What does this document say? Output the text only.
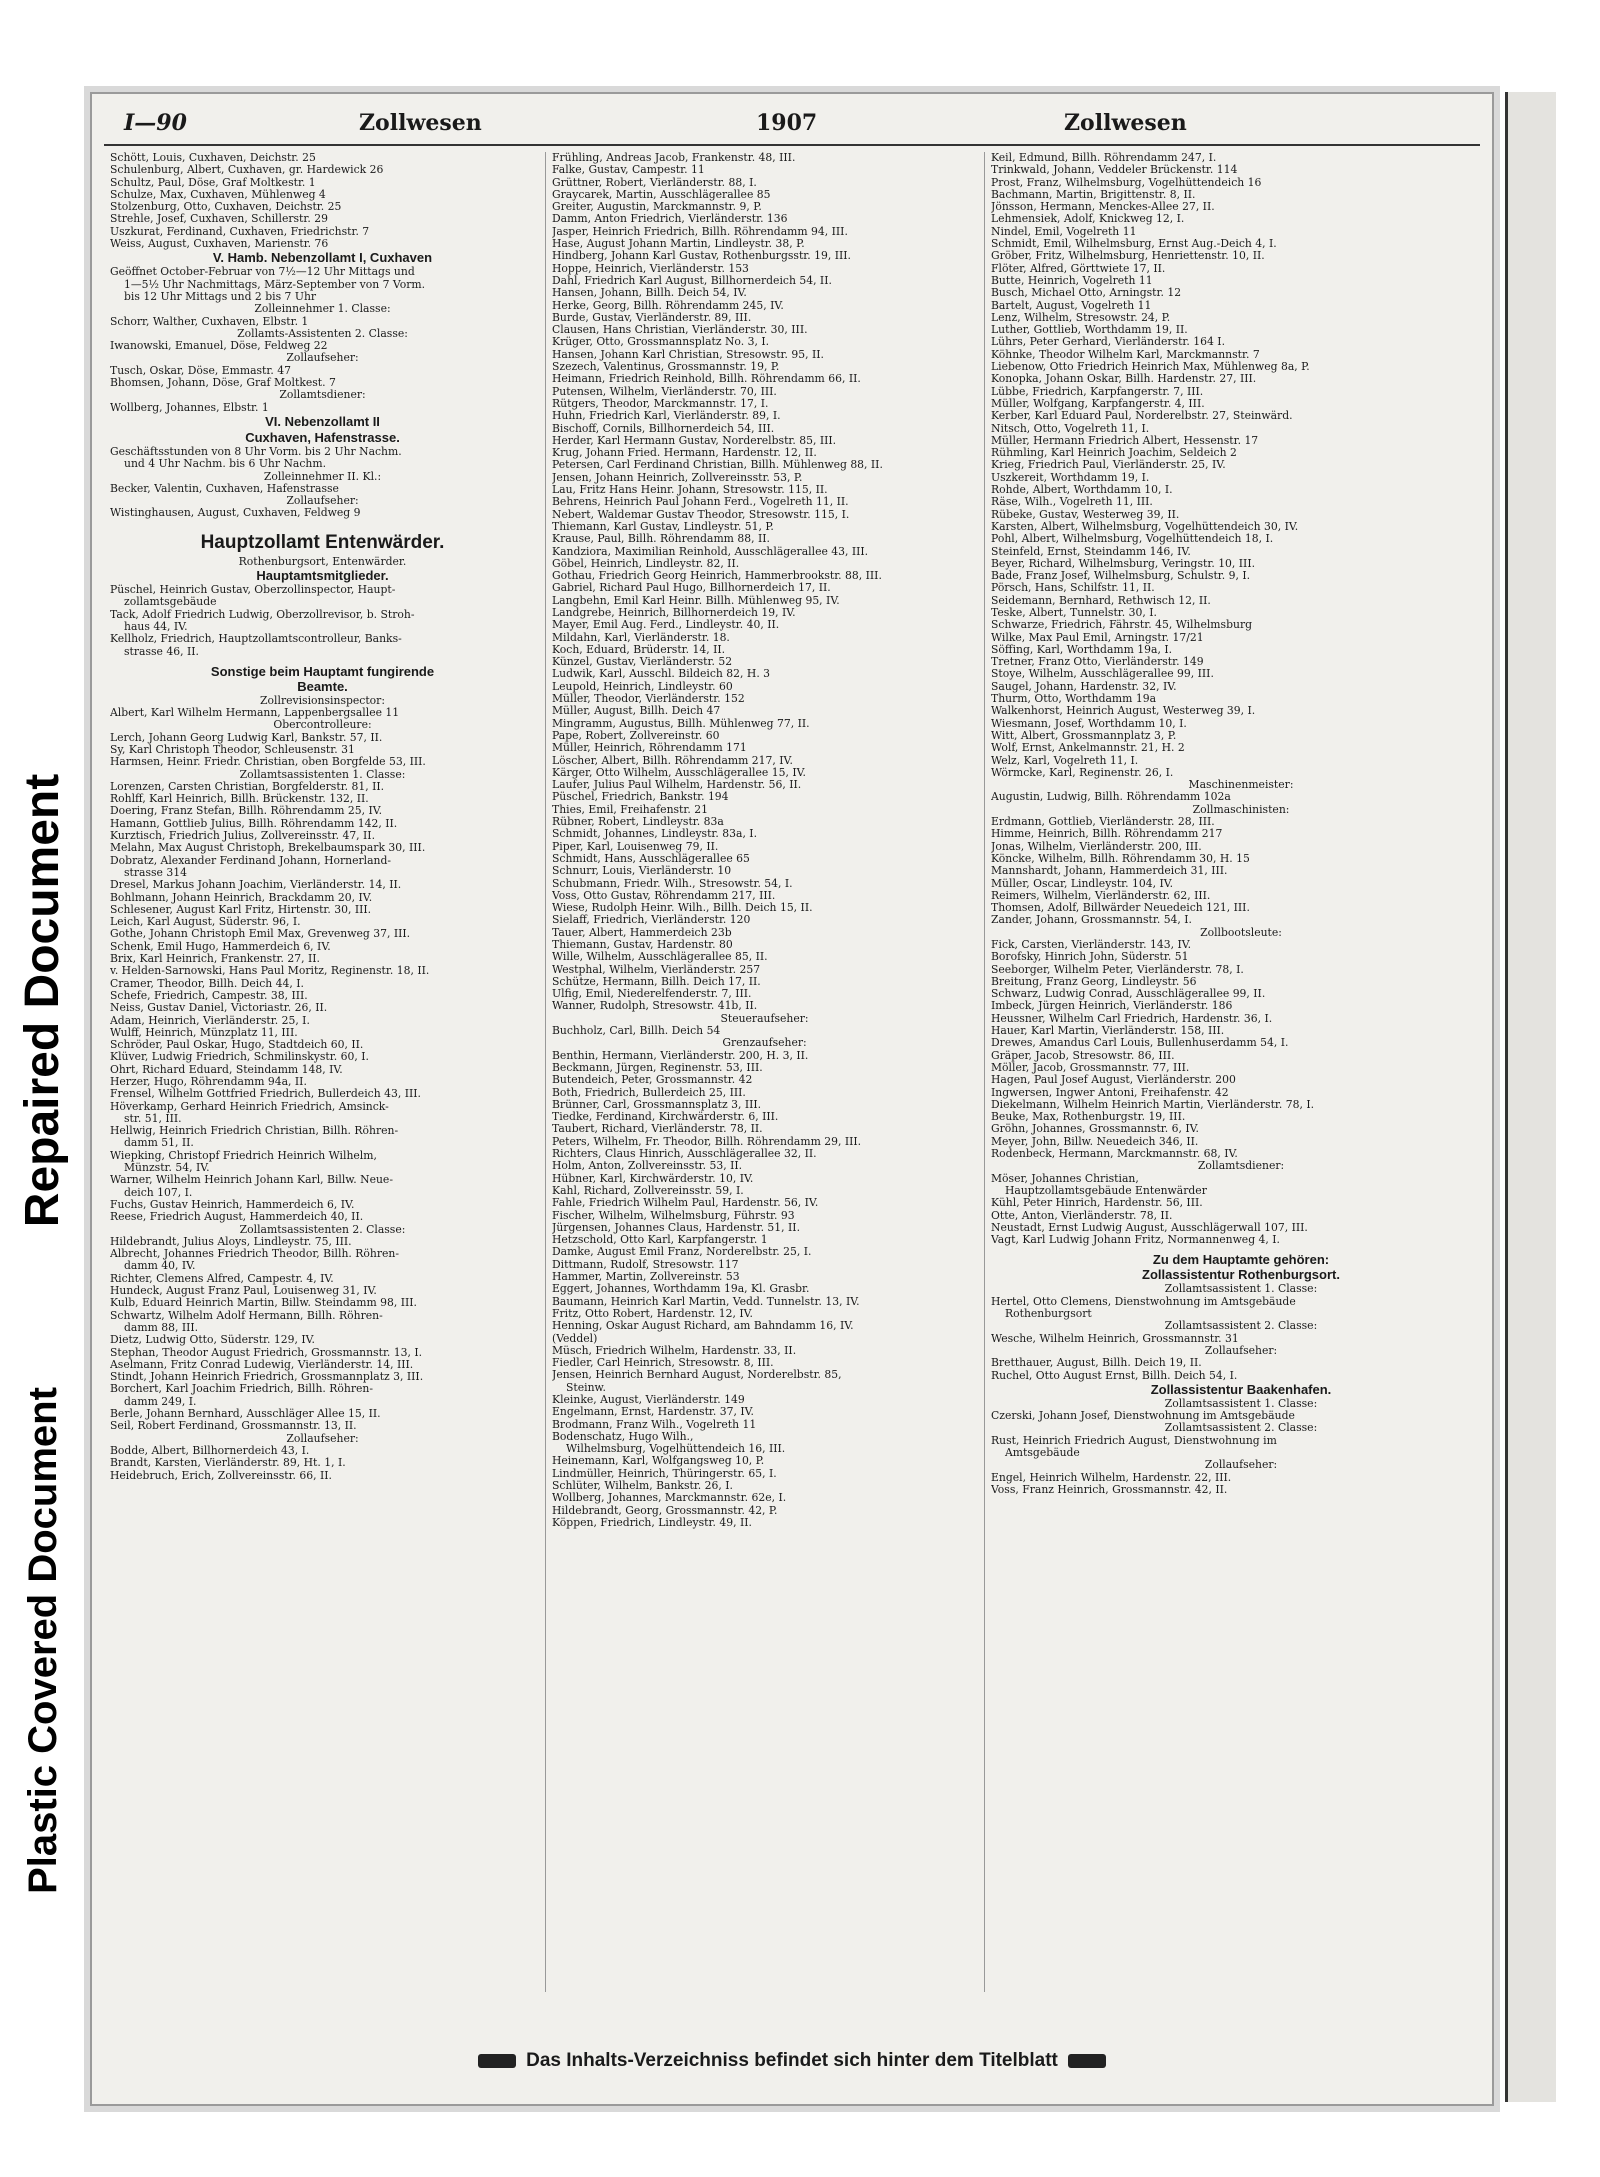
Repaired Document
Plastic Covered Document
I—90	Zollwesen	1907	Zollwesen
Schött, Louis, Cuxhaven, Deichstr. 25
Schulenburg, Albert, Cuxhaven, gr. Hardewick 26
Schultz, Paul, Döse, Graf Moltkestr. 1
Schulze, Max, Cuxhaven, Mühlenweg 4
Stolzenburg, Otto, Cuxhaven, Deichstr. 25
Strehle, Josef, Cuxhaven, Schillerstr. 29
Uszkurat, Ferdinand, Cuxhaven, Friedrichstr. 7
Weiss, August, Cuxhaven, Marienstr. 76
V. Hamb. Nebenzollamt I, Cuxhaven
Geöffnet October-Februar von 7½—12 Uhr Mittags und
1—5½ Uhr Nachmittags, März-September von 7 Vorm.
bis 12 Uhr Mittags und 2 bis 7 Uhr
Zolleinnehmer 1. Classe:
Schorr, Walther, Cuxhaven, Elbstr. 1
Zollamts-Assistenten 2. Classe:
Iwanowski, Emanuel, Döse, Feldweg 22
Zollaufseher:
Tusch, Oskar, Döse, Emmastr. 47
Bhomsen, Johann, Döse, Graf Moltkest. 7
Zollamtsdiener:
Wollberg, Johannes, Elbstr. 1
VI. Nebenzollamt II
Cuxhaven, Hafenstrasse.
Geschäftsstunden von 8 Uhr Vorm. bis 2 Uhr Nachm.
und 4 Uhr Nachm. bis 6 Uhr Nachm.
Zolleinnehmer II. Kl.:
Becker, Valentin, Cuxhaven, Hafenstrasse
Zollaufseher:
Wistinghausen, August, Cuxhaven, Feldweg 9
Hauptzollamt Entenwärder.
Rothenburgsort, Entenwärder.
Hauptamtsmitglieder.
Püschel, Heinrich Gustav, Oberzollinspector, Haupt-
zollamtsgebäude
Tack, Adolf Friedrich Ludwig, Oberzollrevisor, b. Stroh-
haus 44, IV.
Kellholz, Friedrich, Hauptzollamtscontrolleur, Banks-
strasse 46, II.
Sonstige beim Hauptamt fungirende
Beamte.
Zollrevisionsinspector:
Albert, Karl Wilhelm Hermann, Lappenbergsallee 11
Obercontrolleure:
Lerch, Johann Georg Ludwig Karl, Bankstr. 57, II.
Sy, Karl Christoph Theodor, Schleusenstr. 31
Harmsen, Heinr. Friedr. Christian, oben Borgfelde 53, III.
Zollamtsassistenten 1. Classe:
Lorenzen, Carsten Christian, Borgfelderstr. 81, II.
Rohlff, Karl Heinrich, Billh. Brückenstr. 132, II.
Doering, Franz Stefan, Billh. Röhrendamm 25, IV.
Hamann, Gottlieb Julius, Billh. Röhrendamm 142, II.
Kurztisch, Friedrich Julius, Zollvereinsstr. 47, II.
Melahn, Max August Christoph, Brekelbaumspark 30, III.
Dobratz, Alexander Ferdinand Johann, Hornerland-
strasse 314
Dresel, Markus Johann Joachim, Vierländerstr. 14, II.
Bohlmann, Johann Heinrich, Brackdamm 20, IV.
Schlesener, August Karl Fritz, Hirtenstr. 30, III.
Leich, Karl August, Süderstr. 96, I.
Gothe, Johann Christoph Emil Max, Grevenweg 37, III.
Schenk, Emil Hugo, Hammerdeich 6, IV.
Brix, Karl Heinrich, Frankenstr. 27, II.
v. Helden-Sarnowski, Hans Paul Moritz, Reginenstr. 18, II.
Cramer, Theodor, Billh. Deich 44, I.
Schefe, Friedrich, Campestr. 38, III.
Neiss, Gustav Daniel, Victoriastr. 26, II.
Adam, Heinrich, Vierländerstr. 25, I.
Wulff, Heinrich, Münzplatz 11, III.
Schröder, Paul Oskar, Hugo, Stadtdeich 60, II.
Klüver, Ludwig Friedrich, Schmilinskystr. 60, I.
Ohrt, Richard Eduard, Steindamm 148, IV.
Herzer, Hugo, Röhrendamm 94a, II.
Frensel, Wilhelm Gottfried Friedrich, Bullerdeich 43, III.
Höverkamp, Gerhard Heinrich Friedrich, Amsinck-
str. 51, III.
Hellwig, Heinrich Friedrich Christian, Billh. Röhren-
damm 51, II.
Wiepking, Christopf Friedrich Heinrich Wilhelm,
Münzstr. 54, IV.
Warner, Wilhelm Heinrich Johann Karl, Billw. Neue-
deich 107, I.
Fuchs, Gustav Heinrich, Hammerdeich 6, IV.
Reese, Friedrich August, Hammerdeich 40, II.
Zollamtsassistenten 2. Classe:
Hildebrandt, Julius Aloys, Lindleystr. 75, III.
Albrecht, Johannes Friedrich Theodor, Billh. Röhren-
damm 40, IV.
Richter, Clemens Alfred, Campestr. 4, IV.
Hundeck, August Franz Paul, Louisenweg 31, IV.
Kulb, Eduard Heinrich Martin, Billw. Steindamm 98, III.
Schwartz, Wilhelm Adolf Hermann, Billh. Röhren-
damm 88, III.
Dietz, Ludwig Otto, Süderstr. 129, IV.
Stephan, Theodor August Friedrich, Grossmannstr. 13, I.
Aselmann, Fritz Conrad Ludewig, Vierländerstr. 14, III.
Stindt, Johann Heinrich Friedrich, Grossmannplatz 3, III.
Borchert, Karl Joachim Friedrich, Billh. Röhren-
damm 249, I.
Berle, Johann Bernhard, Ausschläger Allee 15, II.
Seil, Robert Ferdinand, Grossmannstr. 13, II.
Zollaufseher:
Bodde, Albert, Billhornerdeich 43, I.
Brandt, Karsten, Vierländerstr. 89, Ht. 1, I.
Heidebruch, Erich, Zollvereinsstr. 66, II.
Frühling, Andreas Jacob, Frankenstr. 48, III.
Falke, Gustav, Campestr. 11
Grüttner, Robert, Vierländerstr. 88, I.
Graycarek, Martin, Ausschlägerallee 85
Greiter, Augustin, Marckmannstr. 9, P.
Damm, Anton Friedrich, Vierländerstr. 136
Jasper, Heinrich Friedrich, Billh. Röhrendamm 94, III.
Hase, August Johann Martin, Lindleystr. 38, P.
Hindberg, Johann Karl Gustav, Rothenburgsstr. 19, III.
Hoppe, Heinrich, Vierländerstr. 153
Dahl, Friedrich Karl August, Billhornerdeich 54, II.
Hansen, Johann, Billh. Deich 54, IV.
Herke, Georg, Billh. Röhrendamm 245, IV.
Burde, Gustav, Vierländerstr. 89, III.
Clausen, Hans Christian, Vierländerstr. 30, III.
Krüger, Otto, Grossmannsplatz No. 3, I.
Hansen, Johann Karl Christian, Stresowstr. 95, II.
Szezech, Valentinus, Grossmannstr. 19, P.
Heimann, Friedrich Reinhold, Billh. Röhrendamm 66, II.
Putensen, Wilhelm, Vierländerstr. 70, III.
Rütgers, Theodor, Marckmannstr. 17, I.
Huhn, Friedrich Karl, Vierländerstr. 89, I.
Bischoff, Cornils, Billhornerdeich 54, III.
Herder, Karl Hermann Gustav, Norderelbstr. 85, III.
Krug, Johann Fried. Hermann, Hardenstr. 12, II.
Petersen, Carl Ferdinand Christian, Billh. Mühlenweg 88, II.
Jensen, Johann Heinrich, Zollvereinsstr. 53, P.
Lau, Fritz Hans Heinr. Johann, Stresowstr. 115, II.
Behrens, Heinrich Paul Johann Ferd., Vogelreth 11, II.
Nebert, Waldemar Gustav Theodor, Stresowstr. 115, I.
Thiemann, Karl Gustav, Lindleystr. 51, P.
Krause, Paul, Billh. Röhrendamm 88, II.
Kandziora, Maximilian Reinhold, Ausschlägerallee 43, III.
Göbel, Heinrich, Lindleystr. 82, II.
Gothau, Friedrich Georg Heinrich, Hammerbrookstr. 88, III.
Gabriel, Richard Paul Hugo, Billhornerdeich 17, II.
Langbehn, Emil Karl Heinr. Billh. Mühlenweg 95, IV.
Landgrebe, Heinrich, Billhornerdeich 19, IV.
Mayer, Emil Aug. Ferd., Lindleystr. 40, II.
Mildahn, Karl, Vierländerstr. 18.
Koch, Eduard, Brüderstr. 14, II.
Künzel, Gustav, Vierländerstr. 52
Ludwik, Karl, Ausschl. Bildeich 82, H. 3
Leupold, Heinrich, Lindleystr. 60
Müller, Theodor, Vierländerstr. 152
Müller, August, Billh. Deich 47
Mingramm, Augustus, Billh. Mühlenweg 77, II.
Pape, Robert, Zollvereinstr. 60
Müller, Heinrich, Röhrendamm 171
Löscher, Albert, Billh. Röhrendamm 217, IV.
Kärger, Otto Wilhelm, Ausschlägerallee 15, IV.
Laufer, Julius Paul Wilhelm, Hardenstr. 56, II.
Püschel, Friedrich, Bankstr. 194
Thies, Emil, Freihafenstr. 21
Rübner, Robert, Lindleystr. 83a
Schmidt, Johannes, Lindleystr. 83a, I.
Piper, Karl, Louisenweg 79, II.
Schmidt, Hans, Ausschlägerallee 65
Schnurr, Louis, Vierländerstr. 10
Schubmann, Friedr. Wilh., Stresowstr. 54, I.
Voss, Otto Gustav, Röhrendamm 217, III.
Wiese, Rudolph Heinr. Wilh., Billh. Deich 15, II.
Sielaff, Friedrich, Vierländerstr. 120
Tauer, Albert, Hammerdeich 23b
Thiemann, Gustav, Hardenstr. 80
Wille, Wilhelm, Ausschlägerallee 85, II.
Westphal, Wilhelm, Vierländerstr. 257
Schütze, Hermann, Billh. Deich 17, II.
Ulfig, Emil, Niederelfenderstr. 7, III.
Wanner, Rudolph, Stresowstr. 41b, II.
Steueraufseher:
Buchholz, Carl, Billh. Deich 54
Grenzaufseher:
Benthin, Hermann, Vierländerstr. 200, H. 3, II.
Beckmann, Jürgen, Reginenstr. 53, III.
Butendeich, Peter, Grossmannstr. 42
Both, Friedrich, Bullerdeich 25, III.
Brünner, Carl, Grossmannsplatz 3, III.
Tiedke, Ferdinand, Kirchwärderstr. 6, III.
Taubert, Richard, Vierländerstr. 78, II.
Peters, Wilhelm, Fr. Theodor, Billh. Röhrendamm 29, III.
Richters, Claus Hinrich, Ausschlägerallee 32, II.
Holm, Anton, Zollvereinsstr. 53, II.
Hübner, Karl, Kirchwärderstr. 10, IV.
Kahl, Richard, Zollvereinsstr. 59, I.
Fahle, Friedrich Wilhelm Paul, Hardenstr. 56, IV.
Fischer, Wilhelm, Wilhelmsburg, Führstr. 93
Jürgensen, Johannes Claus, Hardenstr. 51, II.
Hetzschold, Otto Karl, Karpfangerstr. 1
Damke, August Emil Franz, Norderelbstr. 25, I.
Dittmann, Rudolf, Stresowstr. 117
Hammer, Martin, Zollvereinstr. 53
Eggert, Johannes, Worthdamm 19a, Kl. Grasbr.
Baumann, Heinrich Karl Martin, Vedd. Tunnelstr. 13, IV.
Fritz, Otto Robert, Hardenstr. 12, IV.
Henning, Oskar August Richard, am Bahndamm 16, IV.
(Veddel)
Müsch, Friedrich Wilhelm, Hardenstr. 33, II.
Fiedler, Carl Heinrich, Stresowstr. 8, III.
Jensen, Heinrich Bernhard August, Norderelbstr. 85,
Steinw.
Kleinke, August, Vierländerstr. 149
Engelmann, Ernst, Hardenstr. 37, IV.
Brodmann, Franz Wilh., Vogelreth 11
Bodenschatz, Hugo Wilh.,
Wilhelmsburg, Vogelhüttendeich 16, III.
Heinemann, Karl, Wolfgangsweg 10, P.
Lindmüller, Heinrich, Thüringerstr. 65, I.
Schlüter, Wilhelm, Bankstr. 26, I.
Wollberg, Johannes, Marckmannstr. 62e, I.
Hildebrandt, Georg, Grossmannstr. 42, P.
Köppen, Friedrich, Lindleystr. 49, II.
Keil, Edmund, Billh. Röhrendamm 247, I.
Trinkwald, Johann, Veddeler Brückenstr. 114
Prost, Franz, Wilhelmsburg, Vogelhüttendeich 16
Bachmann, Martin, Brigittenstr. 8, II.
Jönsson, Hermann, Menckes-Allee 27, II.
Lehmensiek, Adolf, Knickweg 12, I.
Nindel, Emil, Vogelreth 11
Schmidt, Emil, Wilhelmsburg, Ernst Aug.-Deich 4, I.
Gröber, Fritz, Wilhelmsburg, Henriettenstr. 10, II.
Flöter, Alfred, Görttwiete 17, II.
Butte, Heinrich, Vogelreth 11
Busch, Michael Otto, Arningstr. 12
Bartelt, August, Vogelreth 11
Lenz, Wilhelm, Stresowstr. 24, P.
Luther, Gottlieb, Worthdamm 19, II.
Lührs, Peter Gerhard, Vierländerstr. 164 I.
Köhnke, Theodor Wilhelm Karl, Marckmannstr. 7
Liebenow, Otto Friedrich Heinrich Max, Mühlenweg 8a, P.
Konopka, Johann Oskar, Billh. Hardenstr. 27, III.
Lübbe, Friedrich, Karpfangerstr. 7, III.
Müller, Wolfgang, Karpfangerstr. 4, III.
Kerber, Karl Eduard Paul, Norderelbstr. 27, Steinwärd.
Nitsch, Otto, Vogelreth 11, I.
Müller, Hermann Friedrich Albert, Hessenstr. 17
Rühmling, Karl Heinrich Joachim, Seldeich 2
Krieg, Friedrich Paul, Vierländerstr. 25, IV.
Uszkereit, Worthdamm 19, I.
Rohde, Albert, Worthdamm 10, I.
Räse, Wilh., Vogelreth 11, III.
Rübeke, Gustav, Westerweg 39, II.
Karsten, Albert, Wilhelmsburg, Vogelhüttendeich 30, IV.
Pohl, Albert, Wilhelmsburg, Vogelhüttendeich 18, I.
Steinfeld, Ernst, Steindamm 146, IV.
Beyer, Richard, Wilhelmsburg, Veringstr. 10, III.
Bade, Franz Josef, Wilhelmsburg, Schulstr. 9, I.
Pörsch, Hans, Schilfstr. 11, II.
Seidemann, Bernhard, Rethwisch 12, II.
Teske, Albert, Tunnelstr. 30, I.
Schwarze, Friedrich, Fährstr. 45, Wilhelmsburg
Wilke, Max Paul Emil, Arningstr. 17/21
Söffing, Karl, Worthdamm 19a, I.
Tretner, Franz Otto, Vierländerstr. 149
Stoye, Wilhelm, Ausschlägerallee 99, III.
Saugel, Johann, Hardenstr. 32, IV.
Thurm, Otto, Worthdamm 19a
Walkenhorst, Heinrich August, Westerweg 39, I.
Wiesmann, Josef, Worthdamm 10, I.
Witt, Albert, Grossmannplatz 3, P.
Wolf, Ernst, Ankelmannstr. 21, H. 2
Welz, Karl, Vogelreth 11, I.
Wörmcke, Karl, Reginenstr. 26, I.
Maschinenmeister:
Augustin, Ludwig, Billh. Röhrendamm 102a
Zollmaschinisten:
Erdmann, Gottlieb, Vierländerstr. 28, III.
Himme, Heinrich, Billh. Röhrendamm 217
Jonas, Wilhelm, Vierländerstr. 200, III.
Köncke, Wilhelm, Billh. Röhrendamm 30, H. 15
Mannshardt, Johann, Hammerdeich 31, III.
Müller, Oscar, Lindleystr. 104, IV.
Reimers, Wilhelm, Vierländerstr. 62, III.
Thomsen, Adolf, Billwärder Neuedeich 121, III.
Zander, Johann, Grossmannstr. 54, I.
Zollbootsleute:
Fick, Carsten, Vierländerstr. 143, IV.
Borofsky, Hinrich John, Süderstr. 51
Seeborger, Wilhelm Peter, Vierländerstr. 78, I.
Breitung, Franz Georg, Lindleystr. 56
Schwarz, Ludwig Conrad, Ausschlägerallee 99, II.
Imbeck, Jürgen Heinrich, Vierländerstr. 186
Heussner, Wilhelm Carl Friedrich, Hardenstr. 36, I.
Hauer, Karl Martin, Vierländerstr. 158, III.
Drewes, Amandus Carl Louis, Bullenhuserdamm 54, I.
Gräper, Jacob, Stresowstr. 86, III.
Möller, Jacob, Grossmannstr. 77, III.
Hagen, Paul Josef August, Vierländerstr. 200
Ingwersen, Ingwer Antoni, Freihafenstr. 42
Diekelmann, Wilhelm Heinrich Martin, Vierländerstr. 78, I.
Beuke, Max, Rothenburgstr. 19, III.
Gröhn, Johannes, Grossmannstr. 6, IV.
Meyer, John, Billw. Neuedeich 346, II.
Rodenbeck, Hermann, Marckmannstr. 68, IV.
Zollamtsdiener:
Möser, Johannes Christian,
Hauptzollamtsgebäude Entenwärder
Kühl, Peter Hinrich, Hardenstr. 56, III.
Otte, Anton, Vierländerstr. 78, II.
Neustadt, Ernst Ludwig August, Ausschlägerwall 107, III.
Vagt, Karl Ludwig Johann Fritz, Normannenweg 4, I.
Zu dem Hauptamte gehören:
Zollassistentur Rothenburgsort.
Zollamtsassistent 1. Classe:
Hertel, Otto Clemens, Dienstwohnung im Amtsgebäude
Rothenburgsort
Zollamtsassistent 2. Classe:
Wesche, Wilhelm Heinrich, Grossmannstr. 31
Zollaufseher:
Bretthauer, August, Billh. Deich 19, II.
Ruchel, Otto August Ernst, Billh. Deich 54, I.
Zollassistentur Baakenhafen.
Zollamtsassistent 1. Classe:
Czerski, Johann Josef, Dienstwohnung im Amtsgebäude
Zollamtsassistent 2. Classe:
Rust, Heinrich Friedrich August, Dienstwohnung im
Amtsgebäude
Zollaufseher:
Engel, Heinrich Wilhelm, Hardenstr. 22, III.
Voss, Franz Heinrich, Grossmannstr. 42, II.
Das Inhalts-Verzeichniss befindet sich hinter dem Titelblatt
